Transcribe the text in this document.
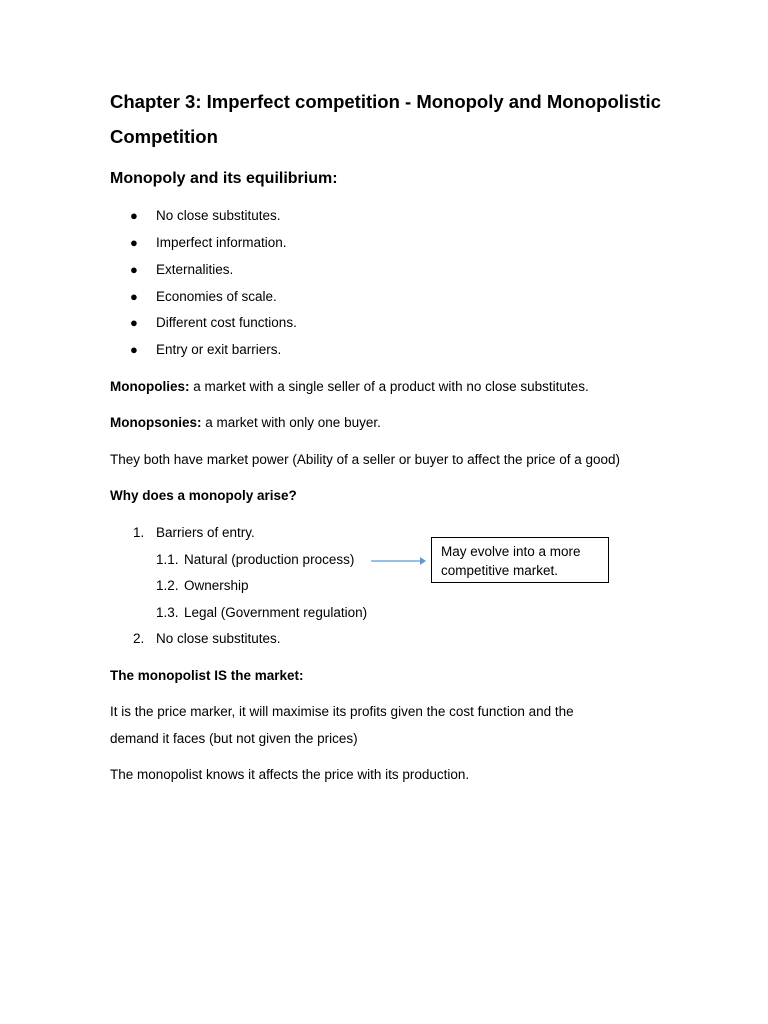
Chapter 3: Imperfect competition - Monopoly and Monopolistic Competition
Monopoly and its equilibrium:
●	No close substitutes.
●	Imperfect information.
●	Externalities.
●	Economies of scale.
●	Different cost functions.
●	Entry or exit barriers.

Monopolies: a market with a single seller of a product with no close substitutes.

Monopsonies: a market with only one buyer.

They both have market power (Ability of a seller or buyer to affect the price of a good)

Why does a monopoly arise?

1. Barriers of entry.
1.1. Natural (production process)
1.2. Ownership
1.3. Legal (Government regulation)
2. No close substitutes.
May evolve into a more competitive market.

The monopolist IS the market:

It is the price marker, it will maximise its profits given the cost function and the

demand it faces (but not given the prices)

The monopolist knows it affects the price with its production.
